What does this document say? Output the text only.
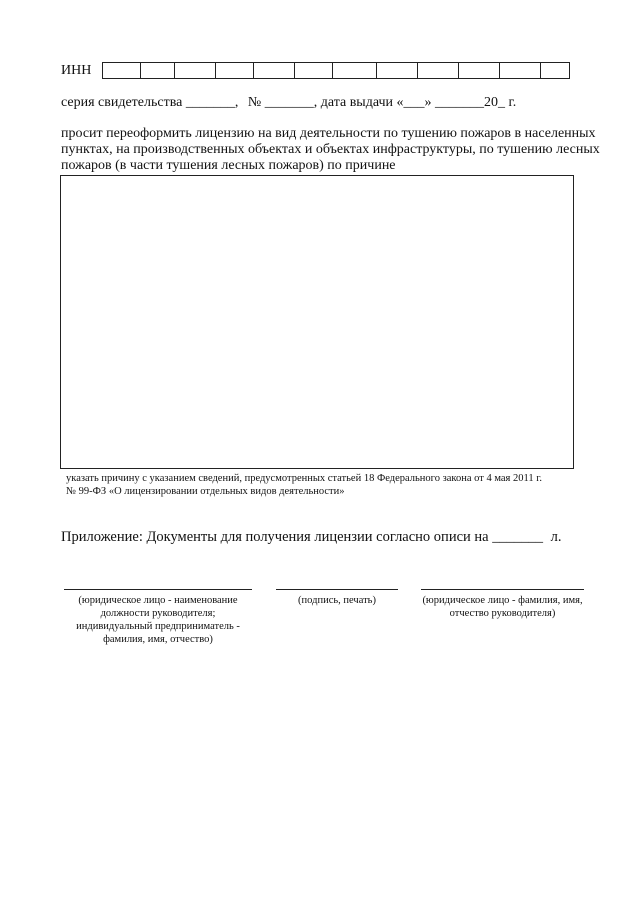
ИНН
серия свидетельства _______, № _______, дата выдачи «___» _______20_ г.
просит переоформить лицензию на вид деятельности по тушению пожаров в населенных
пунктах, на производственных объектах и объектах инфраструктуры, по тушению лесных
пожаров (в части тушения лесных пожаров) по причине
указать причину с указанием сведений, предусмотренных статьей 18 Федерального закона от 4 мая 2011 г.
№ 99-ФЗ «О лицензировании отдельных видов деятельности»
Приложение: Документы для получения лицензии согласно описи на _______ л.
(юридическое лицо - наименование
должности руководителя;
индивидуальный предприниматель -
фамилия, имя, отчество)
(подпись, печать)	(юридическое лицо - фамилия, имя,
отчество руководителя)
